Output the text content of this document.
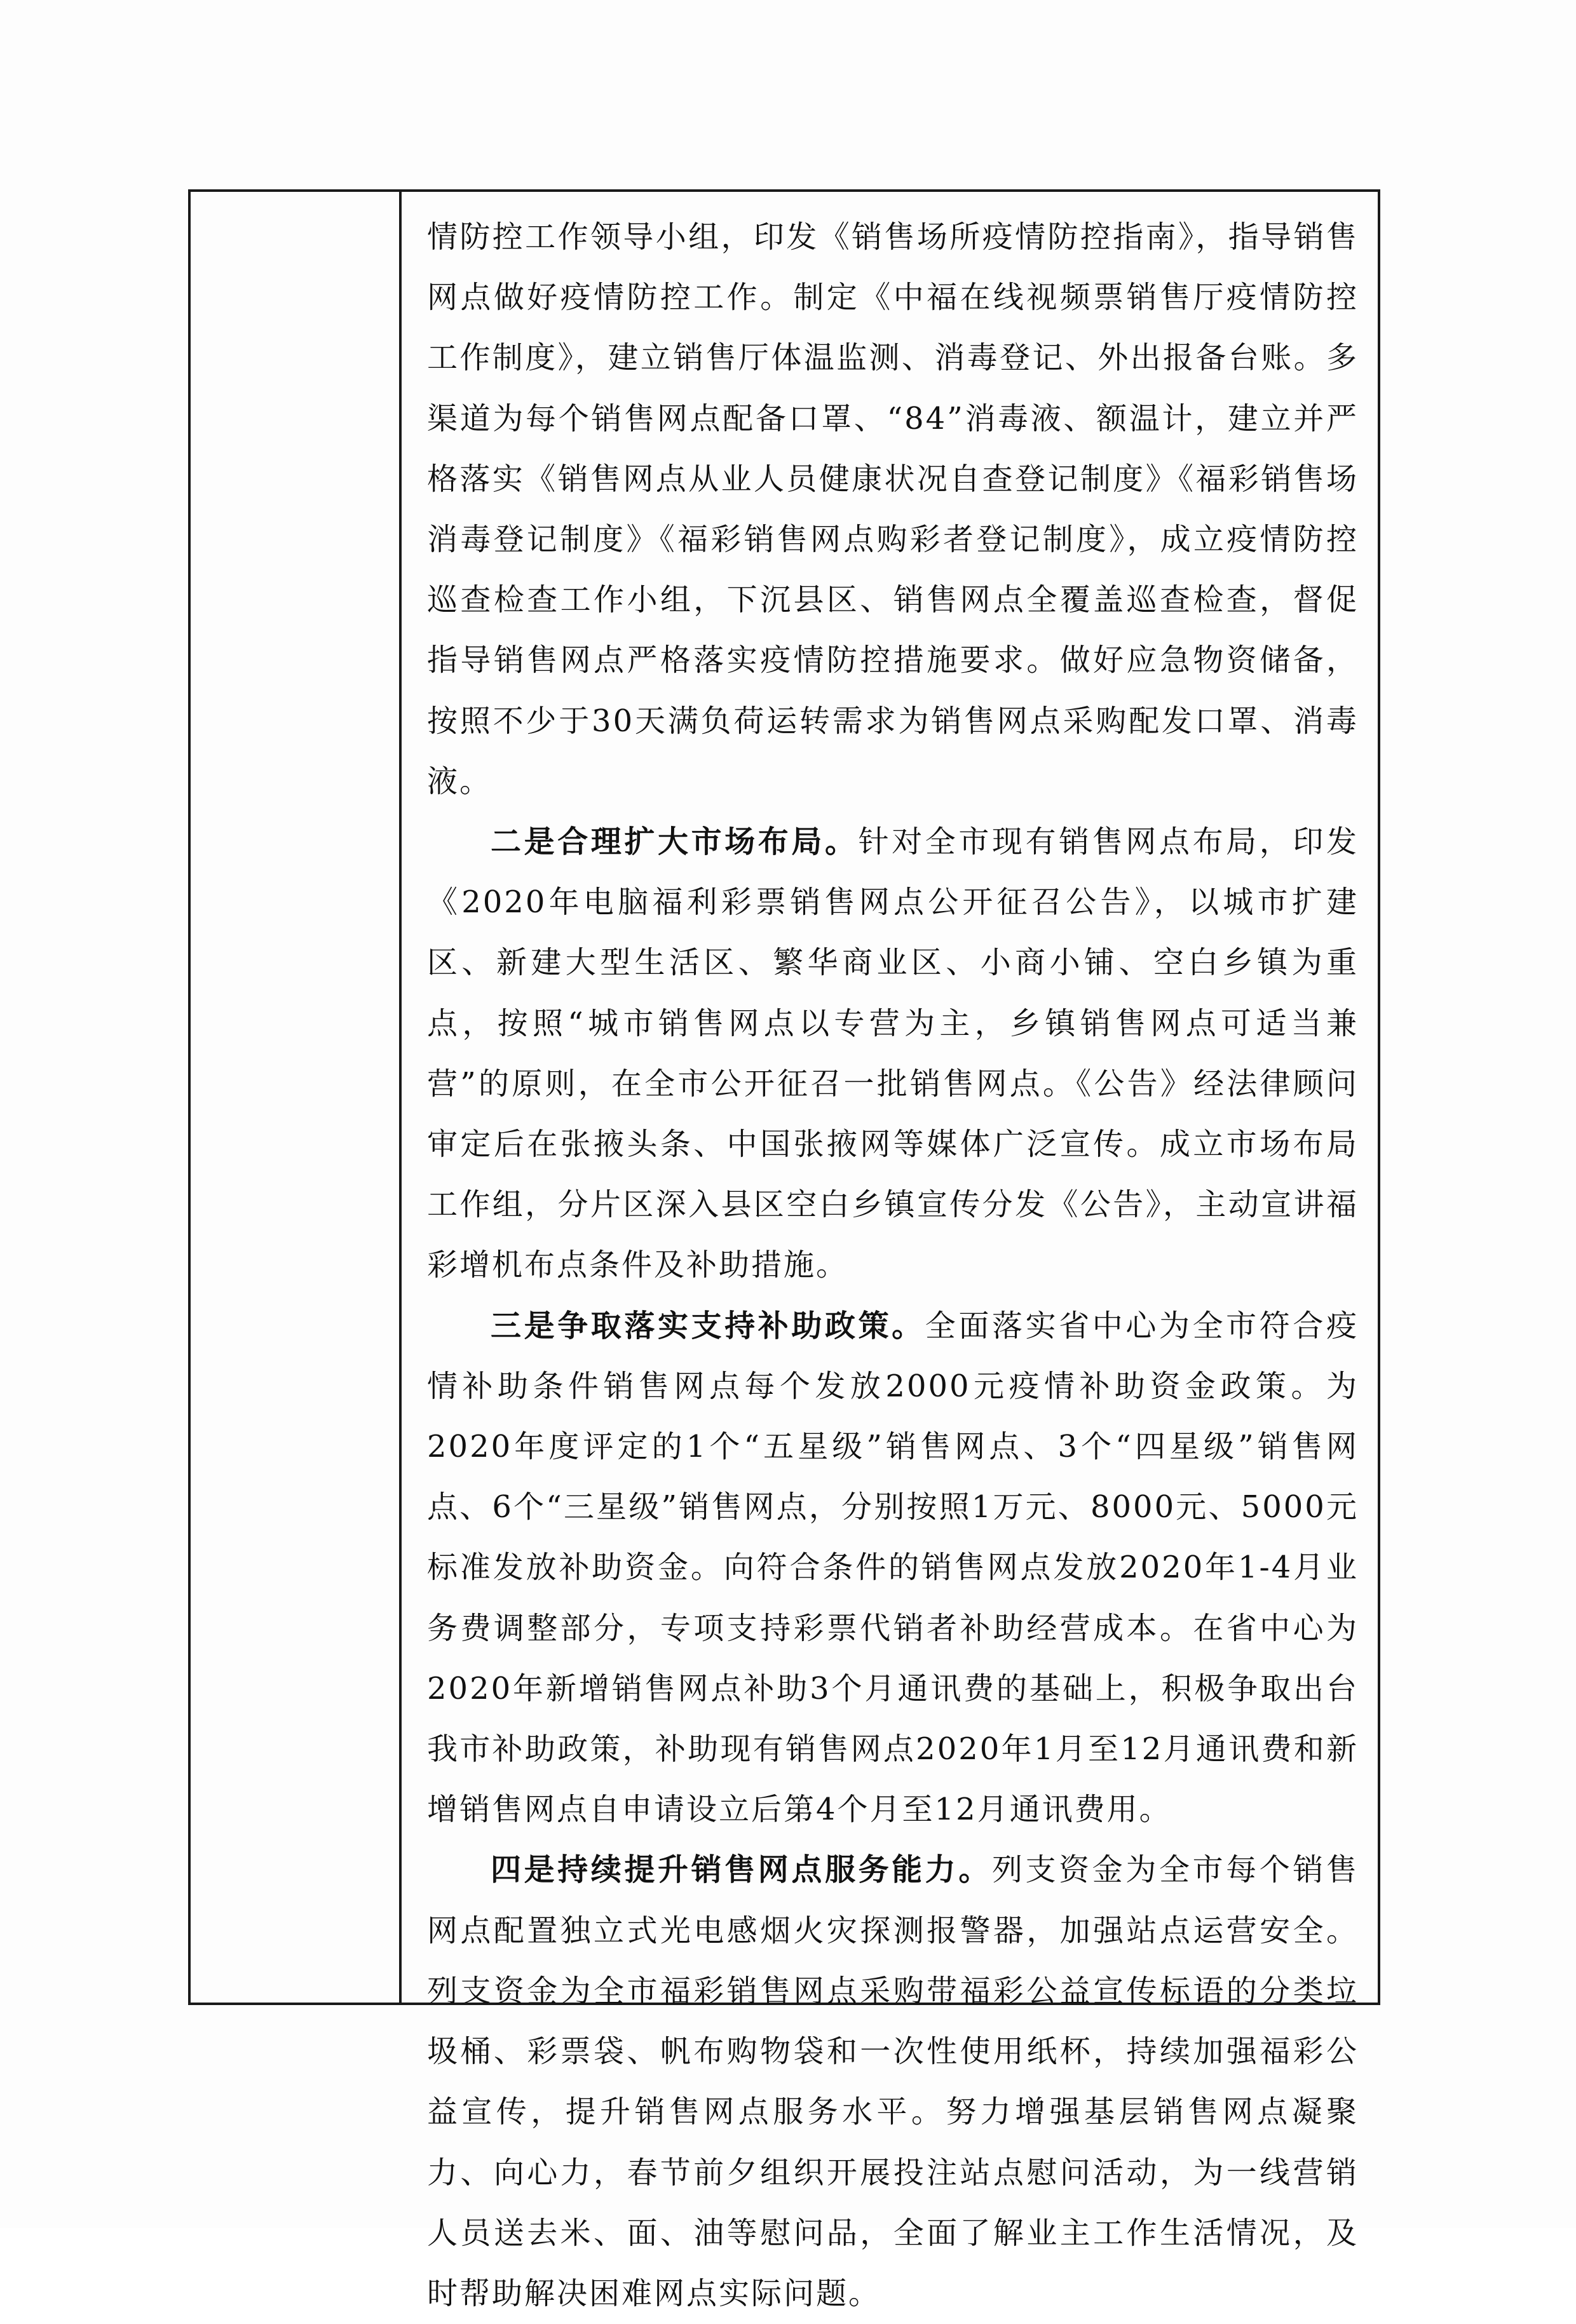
情防控工作领导小组，印发《销售场所疫情防控指南》，指导销售网点做好疫情防控工作。制定《中福在线视频票销售厅疫情防控工作制度》，建立销售厅体温监测、消毒登记、外出报备台账。多渠道为每个销售网点配备口罩、“84”消毒液、额温计，建立并严格落实《销售网点从业人员健康状况自查登记制度》《福彩销售场消毒登记制度》《福彩销售网点购彩者登记制度》，成立疫情防控巡查检查工作小组，下沉县区、销售网点全覆盖巡查检查，督促指导销售网点严格落实疫情防控措施要求。做好应急物资储备，按照不少于30天满负荷运转需求为销售网点采购配发口罩、消毒液。

二是合理扩大市场布局。针对全市现有销售网点布局，印发《2020年电脑福利彩票销售网点公开征召公告》，以城市扩建区、新建大型生活区、繁华商业区、小商小铺、空白乡镇为重点，按照“城市销售网点以专营为主，乡镇销售网点可适当兼营”的原则，在全市公开征召一批销售网点。《公告》经法律顾问审定后在张掖头条、中国张掖网等媒体广泛宣传。成立市场布局工作组，分片区深入县区空白乡镇宣传分发《公告》，主动宣讲福彩增机布点条件及补助措施。

三是争取落实支持补助政策。全面落实省中心为全市符合疫情补助条件销售网点每个发放2000元疫情补助资金政策。为2020年度评定的1个“五星级”销售网点、3个“四星级”销售网点、6个“三星级”销售网点，分别按照1万元、8000元、5000元标准发放补助资金。向符合条件的销售网点发放2020年1-4月业务费调整部分，专项支持彩票代销者补助经营成本。在省中心为2020年新增销售网点补助3个月通讯费的基础上，积极争取出台我市补助政策，补助现有销售网点2020年1月至12月通讯费和新增销售网点自申请设立后第4个月至12月通讯费用。

四是持续提升销售网点服务能力。列支资金为全市每个销售网点配置独立式光电感烟火灾探测报警器，加强站点运营安全。列支资金为全市福彩销售网点采购带福彩公益宣传标语的分类垃圾桶、彩票袋、帆布购物袋和一次性使用纸杯，持续加强福彩公益宣传，提升销售网点服务水平。努力增强基层销售网点凝聚力、向心力，春节前夕组织开展投注站点慰问活动，为一线营销人员送去米、面、油等慰问品，全面了解业主工作生活情况，及时帮助解决困难网点实际问题。
